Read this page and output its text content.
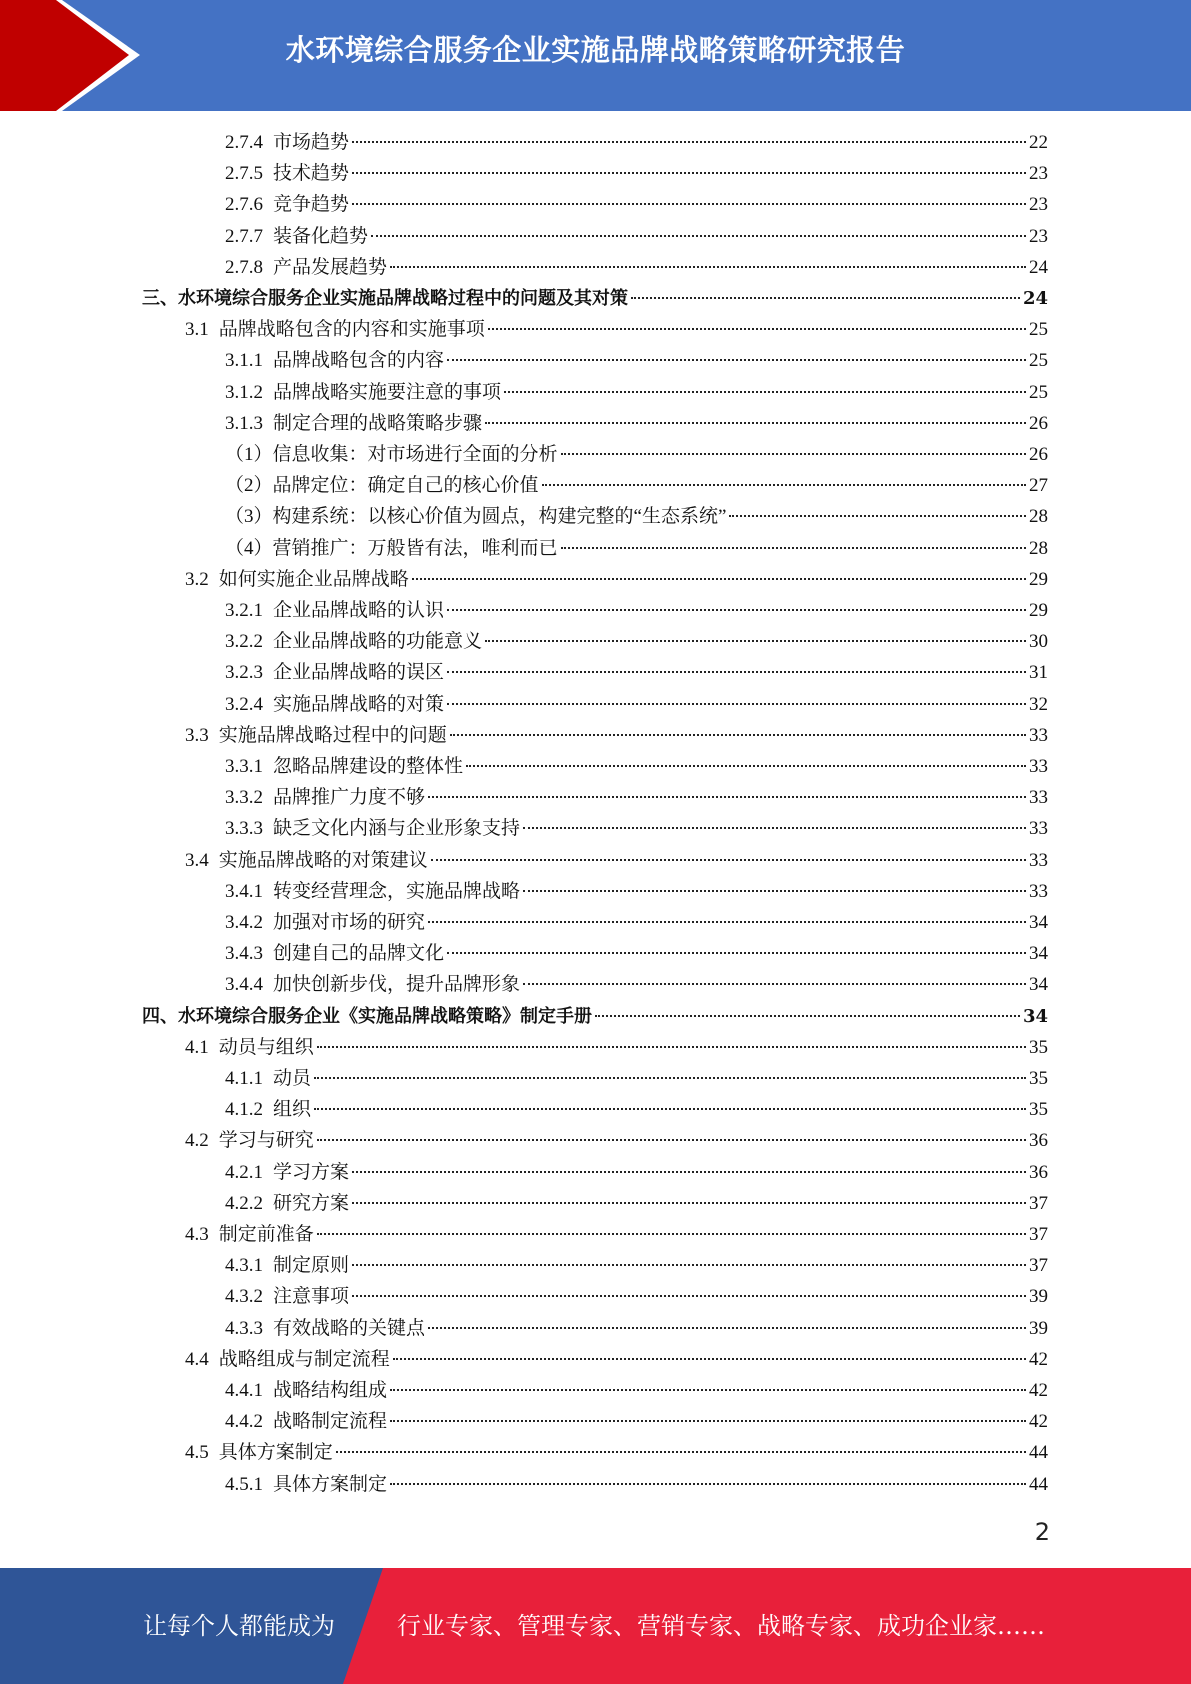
水环境综合服务企业实施品牌战略策略研究报告
2.7.4 市场趋势	22
2.7.5 技术趋势	23
2.7.6 竞争趋势	23
2.7.7 装备化趋势	23
2.7.8 产品发展趋势	24
三、水环境综合服务企业实施品牌战略过程中的问题及其对策	24
3.1 品牌战略包含的内容和实施事项	25
3.1.1 品牌战略包含的内容	25
3.1.2 品牌战略实施要注意的事项	25
3.1.3 制定合理的战略策略步骤	26
（1）信息收集：对市场进行全面的分析	26
（2）品牌定位：确定自己的核心价值	27
（3）构建系统：以核心价值为圆点，构建完整的“生态系统”	28
（4）营销推广：万般皆有法，唯利而已	28
3.2 如何实施企业品牌战略	29
3.2.1 企业品牌战略的认识	29
3.2.2 企业品牌战略的功能意义	30
3.2.3 企业品牌战略的误区	31
3.2.4 实施品牌战略的对策	32
3.3 实施品牌战略过程中的问题	33
3.3.1 忽略品牌建设的整体性	33
3.3.2 品牌推广力度不够	33
3.3.3 缺乏文化内涵与企业形象支持	33
3.4 实施品牌战略的对策建议	33
3.4.1 转变经营理念，实施品牌战略	33
3.4.2 加强对市场的研究	34
3.4.3 创建自己的品牌文化	34
3.4.4 加快创新步伐，提升品牌形象	34
四、水环境综合服务企业《实施品牌战略策略》制定手册	34
4.1 动员与组织	35
4.1.1 动员	35
4.1.2 组织	35
4.2 学习与研究	36
4.2.1 学习方案	36
4.2.2 研究方案	37
4.3 制定前准备	37
4.3.1 制定原则	37
4.3.2 注意事项	39
4.3.3 有效战略的关键点	39
4.4 战略组成与制定流程	42
4.4.1 战略结构组成	42
4.4.2 战略制定流程	42
4.5 具体方案制定	44
4.5.1 具体方案制定	44
2
让每个人都能成为	行业专家、管理专家、营销专家、战略专家、成功企业家……
